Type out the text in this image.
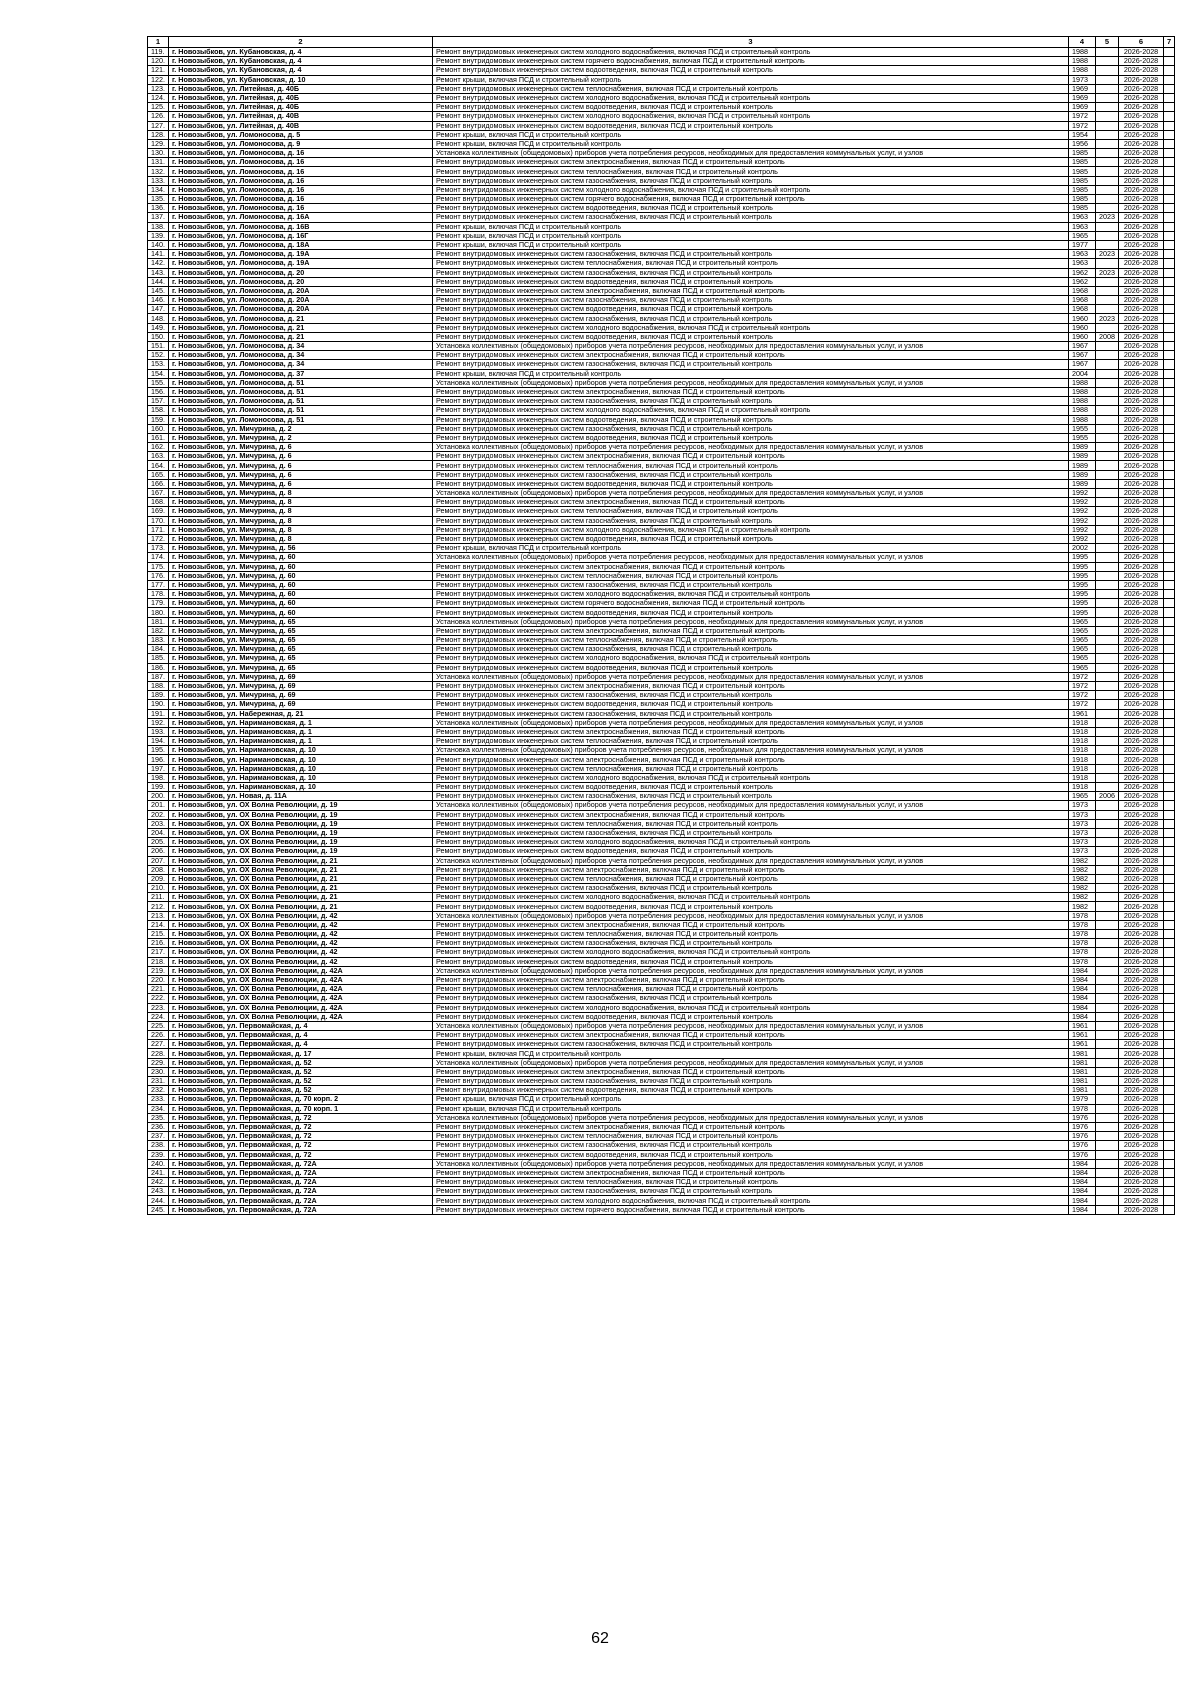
1	2	3	4	5	6	7
119.	г. Новозыбков, ул. Кубановская, д. 4	Ремонт внутридомовых инженерных систем холодного водоснабжения, включая ПСД и строительный контроль	1988		2026-2028	
120.	г. Новозыбков, ул. Кубановская, д. 4	Ремонт внутридомовых инженерных систем горячего водоснабжения, включая ПСД и строительный контроль	1988		2026-2028	
121.	г. Новозыбков, ул. Кубановская, д. 4	Ремонт внутридомовых инженерных систем водоотведения, включая ПСД и строительный контроль	1988		2026-2028	
122.	г. Новозыбков, ул. Кубановская, д. 10	Ремонт крыши, включая ПСД и строительный контроль	1973		2026-2028	
123.	г. Новозыбков, ул. Литейная, д. 40Б	Ремонт внутридомовых инженерных систем теплоснабжения, включая ПСД и строительный контроль	1969		2026-2028	
124.	г. Новозыбков, ул. Литейная, д. 40Б	Ремонт внутридомовых инженерных систем холодного водоснабжения, включая ПСД и строительный контроль	1969		2026-2028	
125.	г. Новозыбков, ул. Литейная, д. 40Б	Ремонт внутридомовых инженерных систем водоотведения, включая ПСД и строительный контроль	1969		2026-2028	
126.	г. Новозыбков, ул. Литейная, д. 40В	Ремонт внутридомовых инженерных систем холодного водоснабжения, включая ПСД и строительный контроль	1972		2026-2028	
127.	г. Новозыбков, ул. Литейная, д. 40В	Ремонт внутридомовых инженерных систем водоотведения, включая ПСД и строительный контроль	1972		2026-2028	
128.	г. Новозыбков, ул. Ломоносова, д. 5	Ремонт крыши, включая ПСД и строительный контроль	1954		2026-2028	
129.	г. Новозыбков, ул. Ломоносова, д. 9	Ремонт крыши, включая ПСД и строительный контроль	1956		2026-2028	
130.	г. Новозыбков, ул. Ломоносова, д. 16	Установка коллективных (общедомовых) приборов учета потребления ресурсов, необходимых для предоставления коммунальных услуг, и узлов	1985		2026-2028	
131.	г. Новозыбков, ул. Ломоносова, д. 16	Ремонт внутридомовых инженерных систем электроснабжения, включая ПСД и строительный контроль	1985		2026-2028	
132.	г. Новозыбков, ул. Ломоносова, д. 16	Ремонт внутридомовых инженерных систем теплоснабжения, включая ПСД и строительный контроль	1985		2026-2028	
133.	г. Новозыбков, ул. Ломоносова, д. 16	Ремонт внутридомовых инженерных систем газоснабжения, включая ПСД и строительный контроль	1985		2026-2028	
134.	г. Новозыбков, ул. Ломоносова, д. 16	Ремонт внутридомовых инженерных систем холодного водоснабжения, включая ПСД и строительный контроль	1985		2026-2028	
135.	г. Новозыбков, ул. Ломоносова, д. 16	Ремонт внутридомовых инженерных систем горячего водоснабжения, включая ПСД и строительный контроль	1985		2026-2028	
136.	г. Новозыбков, ул. Ломоносова, д. 16	Ремонт внутридомовых инженерных систем водоотведения, включая ПСД и строительный контроль	1985		2026-2028	
137.	г. Новозыбков, ул. Ломоносова, д. 16А	Ремонт внутридомовых инженерных систем газоснабжения, включая ПСД и строительный контроль	1963	2023	2026-2028	
138.	г. Новозыбков, ул. Ломоносова, д. 16В	Ремонт крыши, включая ПСД и строительный контроль	1963		2026-2028	
139.	г. Новозыбков, ул. Ломоносова, д. 16Г	Ремонт крыши, включая ПСД и строительный контроль	1965		2026-2028	
140.	г. Новозыбков, ул. Ломоносова, д. 18А	Ремонт крыши, включая ПСД и строительный контроль	1977		2026-2028	
141.	г. Новозыбков, ул. Ломоносова, д. 19А	Ремонт внутридомовых инженерных систем газоснабжения, включая ПСД и строительный контроль	1963	2023	2026-2028	
142.	г. Новозыбков, ул. Ломоносова, д. 19А	Ремонт внутридомовых инженерных систем теплоснабжения, включая ПСД и строительный контроль	1963		2026-2028	
143.	г. Новозыбков, ул. Ломоносова, д. 20	Ремонт внутридомовых инженерных систем газоснабжения, включая ПСД и строительный контроль	1962	2023	2026-2028	
144.	г. Новозыбков, ул. Ломоносова, д. 20	Ремонт внутридомовых инженерных систем водоотведения, включая ПСД и строительный контроль	1962		2026-2028	
145.	г. Новозыбков, ул. Ломоносова, д. 20А	Ремонт внутридомовых инженерных систем электроснабжения, включая ПСД и строительный контроль	1968		2026-2028	
146.	г. Новозыбков, ул. Ломоносова, д. 20А	Ремонт внутридомовых инженерных систем газоснабжения, включая ПСД и строительный контроль	1968		2026-2028	
147.	г. Новозыбков, ул. Ломоносова, д. 20А	Ремонт внутридомовых инженерных систем водоотведения, включая ПСД и строительный контроль	1968		2026-2028	
148.	г. Новозыбков, ул. Ломоносова, д. 21	Ремонт внутридомовых инженерных систем газоснабжения, включая ПСД и строительный контроль	1960	2023	2026-2028	
149.	г. Новозыбков, ул. Ломоносова, д. 21	Ремонт внутридомовых инженерных систем холодного водоснабжения, включая ПСД и строительный контроль	1960		2026-2028	
150.	г. Новозыбков, ул. Ломоносова, д. 21	Ремонт внутридомовых инженерных систем водоотведения, включая ПСД и строительный контроль	1960	2008	2026-2028	
151.	г. Новозыбков, ул. Ломоносова, д. 34	Установка коллективных (общедомовых) приборов учета потребления ресурсов, необходимых для предоставления коммунальных услуг, и узлов	1967		2026-2028	
152.	г. Новозыбков, ул. Ломоносова, д. 34	Ремонт внутридомовых инженерных систем электроснабжения, включая ПСД и строительный контроль	1967		2026-2028	
153.	г. Новозыбков, ул. Ломоносова, д. 34	Ремонт внутридомовых инженерных систем газоснабжения, включая ПСД и строительный контроль	1967		2026-2028	
154.	г. Новозыбков, ул. Ломоносова, д. 37	Ремонт крыши, включая ПСД и строительный контроль	2004		2026-2028	
155.	г. Новозыбков, ул. Ломоносова, д. 51	Установка коллективных (общедомовых) приборов учета потребления ресурсов, необходимых для предоставления коммунальных услуг, и узлов	1988		2026-2028	
156.	г. Новозыбков, ул. Ломоносова, д. 51	Ремонт внутридомовых инженерных систем электроснабжения, включая ПСД и строительный контроль	1988		2026-2028	
157.	г. Новозыбков, ул. Ломоносова, д. 51	Ремонт внутридомовых инженерных систем газоснабжения, включая ПСД и строительный контроль	1988		2026-2028	
158.	г. Новозыбков, ул. Ломоносова, д. 51	Ремонт внутридомовых инженерных систем холодного водоснабжения, включая ПСД и строительный контроль	1988		2026-2028	
159.	г. Новозыбков, ул. Ломоносова, д. 51	Ремонт внутридомовых инженерных систем водоотведения, включая ПСД и строительный контроль	1988		2026-2028	
160.	г. Новозыбков, ул. Мичурина, д. 2	Ремонт внутридомовых инженерных систем газоснабжения, включая ПСД и строительный контроль	1955		2026-2028	
161.	г. Новозыбков, ул. Мичурина, д. 2	Ремонт внутридомовых инженерных систем водоотведения, включая ПСД и строительный контроль	1955		2026-2028	
162.	г. Новозыбков, ул. Мичурина, д. 6	Установка коллективных (общедомовых) приборов учета потребления ресурсов, необходимых для предоставления коммунальных услуг, и узлов	1989		2026-2028	
163.	г. Новозыбков, ул. Мичурина, д. 6	Ремонт внутридомовых инженерных систем электроснабжения, включая ПСД и строительный контроль	1989		2026-2028	
164.	г. Новозыбков, ул. Мичурина, д. 6	Ремонт внутридомовых инженерных систем теплоснабжения, включая ПСД и строительный контроль	1989		2026-2028	
165.	г. Новозыбков, ул. Мичурина, д. 6	Ремонт внутридомовых инженерных систем газоснабжения, включая ПСД и строительный контроль	1989		2026-2028	
166.	г. Новозыбков, ул. Мичурина, д. 6	Ремонт внутридомовых инженерных систем водоотведения, включая ПСД и строительный контроль	1989		2026-2028	
167.	г. Новозыбков, ул. Мичурина, д. 8	Установка коллективных (общедомовых) приборов учета потребления ресурсов, необходимых для предоставления коммунальных услуг, и узлов	1992		2026-2028	
168.	г. Новозыбков, ул. Мичурина, д. 8	Ремонт внутридомовых инженерных систем электроснабжения, включая ПСД и строительный контроль	1992		2026-2028	
169.	г. Новозыбков, ул. Мичурина, д. 8	Ремонт внутридомовых инженерных систем теплоснабжения, включая ПСД и строительный контроль	1992		2026-2028	
170.	г. Новозыбков, ул. Мичурина, д. 8	Ремонт внутридомовых инженерных систем газоснабжения, включая ПСД и строительный контроль	1992		2026-2028	
171.	г. Новозыбков, ул. Мичурина, д. 8	Ремонт внутридомовых инженерных систем холодного водоснабжения, включая ПСД и строительный контроль	1992		2026-2028	
172.	г. Новозыбков, ул. Мичурина, д. 8	Ремонт внутридомовых инженерных систем водоотведения, включая ПСД и строительный контроль	1992		2026-2028	
173.	г. Новозыбков, ул. Мичурина, д. 56	Ремонт крыши, включая ПСД и строительный контроль	2002		2026-2028	
174.	г. Новозыбков, ул. Мичурина, д. 60	Установка коллективных (общедомовых) приборов учета потребления ресурсов, необходимых для предоставления коммунальных услуг, и узлов	1995		2026-2028	
175.	г. Новозыбков, ул. Мичурина, д. 60	Ремонт внутридомовых инженерных систем электроснабжения, включая ПСД и строительный контроль	1995		2026-2028	
176.	г. Новозыбков, ул. Мичурина, д. 60	Ремонт внутридомовых инженерных систем теплоснабжения, включая ПСД и строительный контроль	1995		2026-2028	
177.	г. Новозыбков, ул. Мичурина, д. 60	Ремонт внутридомовых инженерных систем газоснабжения, включая ПСД и строительный контроль	1995		2026-2028	
178.	г. Новозыбков, ул. Мичурина, д. 60	Ремонт внутридомовых инженерных систем холодного водоснабжения, включая ПСД и строительный контроль	1995		2026-2028	
179.	г. Новозыбков, ул. Мичурина, д. 60	Ремонт внутридомовых инженерных систем горячего водоснабжения, включая ПСД и строительный контроль	1995		2026-2028	
180.	г. Новозыбков, ул. Мичурина, д. 60	Ремонт внутридомовых инженерных систем водоотведения, включая ПСД и строительный контроль	1995		2026-2028	
181.	г. Новозыбков, ул. Мичурина, д. 65	Установка коллективных (общедомовых) приборов учета потребления ресурсов, необходимых для предоставления коммунальных услуг, и узлов	1965		2026-2028	
182.	г. Новозыбков, ул. Мичурина, д. 65	Ремонт внутридомовых инженерных систем электроснабжения, включая ПСД и строительный контроль	1965		2026-2028	
183.	г. Новозыбков, ул. Мичурина, д. 65	Ремонт внутридомовых инженерных систем теплоснабжения, включая ПСД и строительный контроль	1965		2026-2028	
184.	г. Новозыбков, ул. Мичурина, д. 65	Ремонт внутридомовых инженерных систем газоснабжения, включая ПСД и строительный контроль	1965		2026-2028	
185.	г. Новозыбков, ул. Мичурина, д. 65	Ремонт внутридомовых инженерных систем холодного водоснабжения, включая ПСД и строительный контроль	1965		2026-2028	
186.	г. Новозыбков, ул. Мичурина, д. 65	Ремонт внутридомовых инженерных систем водоотведения, включая ПСД и строительный контроль	1965		2026-2028	
187.	г. Новозыбков, ул. Мичурина, д. 69	Установка коллективных (общедомовых) приборов учета потребления ресурсов, необходимых для предоставления коммунальных услуг, и узлов	1972		2026-2028	
188.	г. Новозыбков, ул. Мичурина, д. 69	Ремонт внутридомовых инженерных систем электроснабжения, включая ПСД и строительный контроль	1972		2026-2028	
189.	г. Новозыбков, ул. Мичурина, д. 69	Ремонт внутридомовых инженерных систем газоснабжения, включая ПСД и строительный контроль	1972		2026-2028	
190.	г. Новозыбков, ул. Мичурина, д. 69	Ремонт внутридомовых инженерных систем водоотведения, включая ПСД и строительный контроль	1972		2026-2028	
191.	г. Новозыбков, ул. Набережная, д. 21	Ремонт внутридомовых инженерных систем газоснабжения, включая ПСД и строительный контроль	1961		2026-2028	
192.	г. Новозыбков, ул. Наримановская, д. 1	Установка коллективных (общедомовых) приборов учета потребления ресурсов, необходимых для предоставления коммунальных услуг, и узлов	1918		2026-2028	
193.	г. Новозыбков, ул. Наримановская, д. 1	Ремонт внутридомовых инженерных систем электроснабжения, включая ПСД и строительный контроль	1918		2026-2028	
194.	г. Новозыбков, ул. Наримановская, д. 1	Ремонт внутридомовых инженерных систем теплоснабжения, включая ПСД и строительный контроль	1918		2026-2028	
195.	г. Новозыбков, ул. Наримановская, д. 10	Установка коллективных (общедомовых) приборов учета потребления ресурсов, необходимых для предоставления коммунальных услуг, и узлов	1918		2026-2028	
196.	г. Новозыбков, ул. Наримановская, д. 10	Ремонт внутридомовых инженерных систем электроснабжения, включая ПСД и строительный контроль	1918		2026-2028	
197.	г. Новозыбков, ул. Наримановская, д. 10	Ремонт внутридомовых инженерных систем теплоснабжения, включая ПСД и строительный контроль	1918		2026-2028	
198.	г. Новозыбков, ул. Наримановская, д. 10	Ремонт внутридомовых инженерных систем холодного водоснабжения, включая ПСД и строительный контроль	1918		2026-2028	
199.	г. Новозыбков, ул. Наримановская, д. 10	Ремонт внутридомовых инженерных систем водоотведения, включая ПСД и строительный контроль	1918		2026-2028	
200.	г. Новозыбков, ул. Новая, д. 11А	Ремонт внутридомовых инженерных систем газоснабжения, включая ПСД и строительный контроль	1965	2006	2026-2028	
201.	г. Новозыбков, ул. ОХ Волна Революции, д. 19	Установка коллективных (общедомовых) приборов учета потребления ресурсов, необходимых для предоставления коммунальных услуг, и узлов	1973		2026-2028	
202.	г. Новозыбков, ул. ОХ Волна Революции, д. 19	Ремонт внутридомовых инженерных систем электроснабжения, включая ПСД и строительный контроль	1973		2026-2028	
203.	г. Новозыбков, ул. ОХ Волна Революции, д. 19	Ремонт внутридомовых инженерных систем теплоснабжения, включая ПСД и строительный контроль	1973		2026-2028	
204.	г. Новозыбков, ул. ОХ Волна Революции, д. 19	Ремонт внутридомовых инженерных систем газоснабжения, включая ПСД и строительный контроль	1973		2026-2028	
205.	г. Новозыбков, ул. ОХ Волна Революции, д. 19	Ремонт внутридомовых инженерных систем холодного водоснабжения, включая ПСД и строительный контроль	1973		2026-2028	
206.	г. Новозыбков, ул. ОХ Волна Революции, д. 19	Ремонт внутридомовых инженерных систем водоотведения, включая ПСД и строительный контроль	1973		2026-2028	
207.	г. Новозыбков, ул. ОХ Волна Революции, д. 21	Установка коллективных (общедомовых) приборов учета потребления ресурсов, необходимых для предоставления коммунальных услуг, и узлов	1982		2026-2028	
208.	г. Новозыбков, ул. ОХ Волна Революции, д. 21	Ремонт внутридомовых инженерных систем электроснабжения, включая ПСД и строительный контроль	1982		2026-2028	
209.	г. Новозыбков, ул. ОХ Волна Революции, д. 21	Ремонт внутридомовых инженерных систем теплоснабжения, включая ПСД и строительный контроль	1982		2026-2028	
210.	г. Новозыбков, ул. ОХ Волна Революции, д. 21	Ремонт внутридомовых инженерных систем газоснабжения, включая ПСД и строительный контроль	1982		2026-2028	
211.	г. Новозыбков, ул. ОХ Волна Революции, д. 21	Ремонт внутридомовых инженерных систем холодного водоснабжения, включая ПСД и строительный контроль	1982		2026-2028	
212.	г. Новозыбков, ул. ОХ Волна Революции, д. 21	Ремонт внутридомовых инженерных систем водоотведения, включая ПСД и строительный контроль	1982		2026-2028	
213.	г. Новозыбков, ул. ОХ Волна Революции, д. 42	Установка коллективных (общедомовых) приборов учета потребления ресурсов, необходимых для предоставления коммунальных услуг, и узлов	1978		2026-2028	
214.	г. Новозыбков, ул. ОХ Волна Революции, д. 42	Ремонт внутридомовых инженерных систем электроснабжения, включая ПСД и строительный контроль	1978		2026-2028	
215.	г. Новозыбков, ул. ОХ Волна Революции, д. 42	Ремонт внутридомовых инженерных систем теплоснабжения, включая ПСД и строительный контроль	1978		2026-2028	
216.	г. Новозыбков, ул. ОХ Волна Революции, д. 42	Ремонт внутридомовых инженерных систем газоснабжения, включая ПСД и строительный контроль	1978		2026-2028	
217.	г. Новозыбков, ул. ОХ Волна Революции, д. 42	Ремонт внутридомовых инженерных систем холодного водоснабжения, включая ПСД и строительный контроль	1978		2026-2028	
218.	г. Новозыбков, ул. ОХ Волна Революции, д. 42	Ремонт внутридомовых инженерных систем водоотведения, включая ПСД и строительный контроль	1978		2026-2028	
219.	г. Новозыбков, ул. ОХ Волна Революции, д. 42А	Установка коллективных (общедомовых) приборов учета потребления ресурсов, необходимых для предоставления коммунальных услуг, и узлов	1984		2026-2028	
220.	г. Новозыбков, ул. ОХ Волна Революции, д. 42А	Ремонт внутридомовых инженерных систем электроснабжения, включая ПСД и строительный контроль	1984		2026-2028	
221.	г. Новозыбков, ул. ОХ Волна Революции, д. 42А	Ремонт внутридомовых инженерных систем теплоснабжения, включая ПСД и строительный контроль	1984		2026-2028	
222.	г. Новозыбков, ул. ОХ Волна Революции, д. 42А	Ремонт внутридомовых инженерных систем газоснабжения, включая ПСД и строительный контроль	1984		2026-2028	
223.	г. Новозыбков, ул. ОХ Волна Революции, д. 42А	Ремонт внутридомовых инженерных систем холодного водоснабжения, включая ПСД и строительный контроль	1984		2026-2028	
224.	г. Новозыбков, ул. ОХ Волна Революции, д. 42А	Ремонт внутридомовых инженерных систем водоотведения, включая ПСД и строительный контроль	1984		2026-2028	
225.	г. Новозыбков, ул. Первомайская, д. 4	Установка коллективных (общедомовых) приборов учета потребления ресурсов, необходимых для предоставления коммунальных услуг, и узлов	1961		2026-2028	
226.	г. Новозыбков, ул. Первомайская, д. 4	Ремонт внутридомовых инженерных систем электроснабжения, включая ПСД и строительный контроль	1961		2026-2028	
227.	г. Новозыбков, ул. Первомайская, д. 4	Ремонт внутридомовых инженерных систем газоснабжения, включая ПСД и строительный контроль	1961		2026-2028	
228.	г. Новозыбков, ул. Первомайская, д. 17	Ремонт крыши, включая ПСД и строительный контроль	1981		2026-2028	
229.	г. Новозыбков, ул. Первомайская, д. 52	Установка коллективных (общедомовых) приборов учета потребления ресурсов, необходимых для предоставления коммунальных услуг, и узлов	1981		2026-2028	
230.	г. Новозыбков, ул. Первомайская, д. 52	Ремонт внутридомовых инженерных систем электроснабжения, включая ПСД и строительный контроль	1981		2026-2028	
231.	г. Новозыбков, ул. Первомайская, д. 52	Ремонт внутридомовых инженерных систем газоснабжения, включая ПСД и строительный контроль	1981		2026-2028	
232.	г. Новозыбков, ул. Первомайская, д. 52	Ремонт внутридомовых инженерных систем водоотведения, включая ПСД и строительный контроль	1981		2026-2028	
233.	г. Новозыбков, ул. Первомайская, д. 70 корп. 2	Ремонт крыши, включая ПСД и строительный контроль	1979		2026-2028	
234.	г. Новозыбков, ул. Первомайская, д. 70 корп. 1	Ремонт крыши, включая ПСД и строительный контроль	1978		2026-2028	
235.	г. Новозыбков, ул. Первомайская, д. 72	Установка коллективных (общедомовых) приборов учета потребления ресурсов, необходимых для предоставления коммунальных услуг, и узлов	1976		2026-2028	
236.	г. Новозыбков, ул. Первомайская, д. 72	Ремонт внутридомовых инженерных систем электроснабжения, включая ПСД и строительный контроль	1976		2026-2028	
237.	г. Новозыбков, ул. Первомайская, д. 72	Ремонт внутридомовых инженерных систем теплоснабжения, включая ПСД и строительный контроль	1976		2026-2028	
238.	г. Новозыбков, ул. Первомайская, д. 72	Ремонт внутридомовых инженерных систем газоснабжения, включая ПСД и строительный контроль	1976		2026-2028	
239.	г. Новозыбков, ул. Первомайская, д. 72	Ремонт внутридомовых инженерных систем водоотведения, включая ПСД и строительный контроль	1976		2026-2028	
240.	г. Новозыбков, ул. Первомайская, д. 72А	Установка коллективных (общедомовых) приборов учета потребления ресурсов, необходимых для предоставления коммунальных услуг, и узлов	1984		2026-2028	
241.	г. Новозыбков, ул. Первомайская, д. 72А	Ремонт внутридомовых инженерных систем электроснабжения, включая ПСД и строительный контроль	1984		2026-2028	
242.	г. Новозыбков, ул. Первомайская, д. 72А	Ремонт внутридомовых инженерных систем теплоснабжения, включая ПСД и строительный контроль	1984		2026-2028	
243.	г. Новозыбков, ул. Первомайская, д. 72А	Ремонт внутридомовых инженерных систем газоснабжения, включая ПСД и строительный контроль	1984		2026-2028	
244.	г. Новозыбков, ул. Первомайская, д. 72А	Ремонт внутридомовых инженерных систем холодного водоснабжения, включая ПСД и строительный контроль	1984		2026-2028	
245.	г. Новозыбков, ул. Первомайская, д. 72А	Ремонт внутридомовых инженерных систем горячего водоснабжения, включая ПСД и строительный контроль	1984		2026-2028	
62
